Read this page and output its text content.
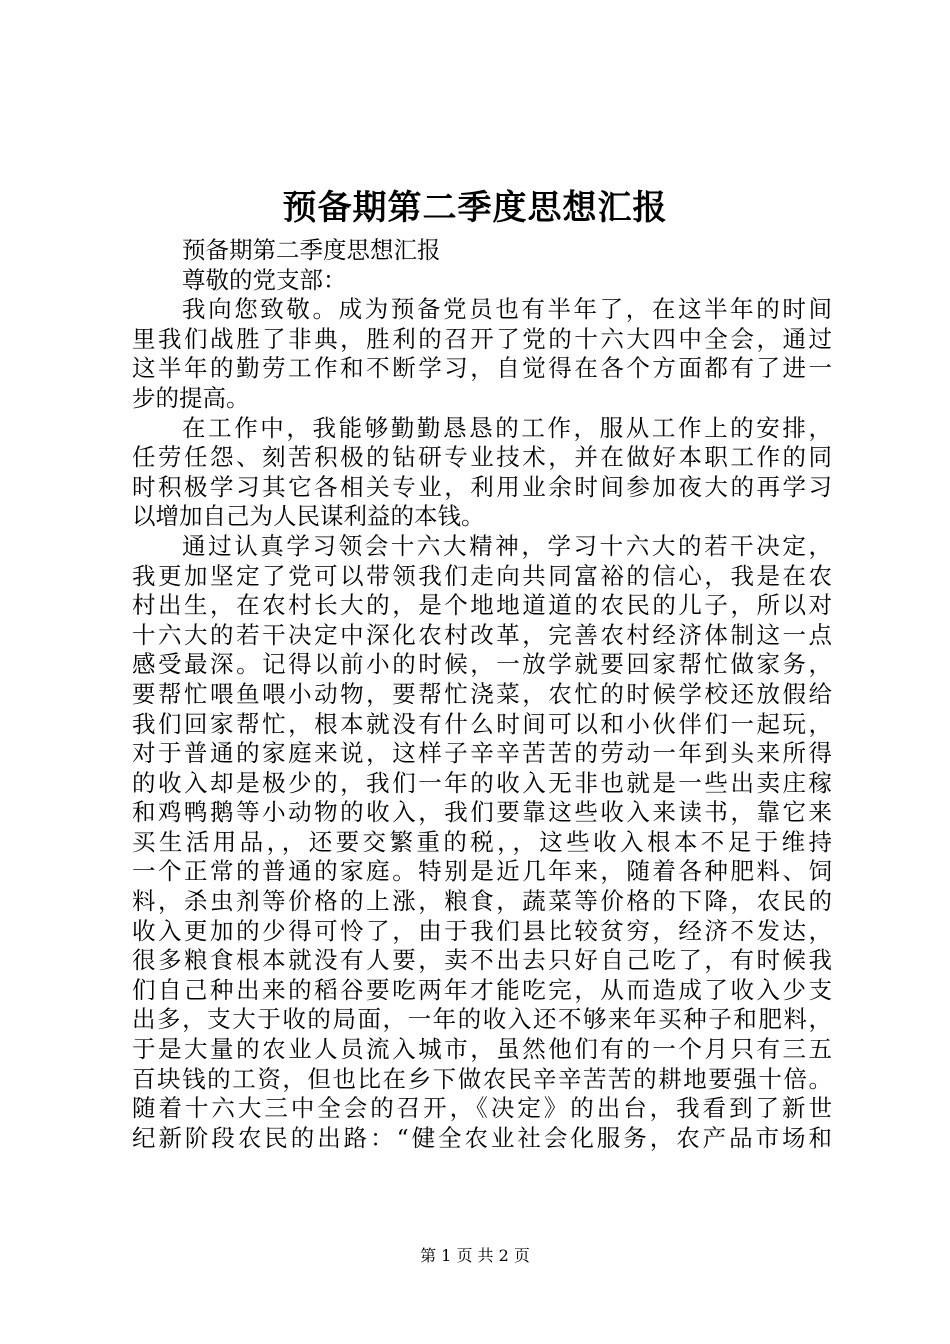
预备期第二季度思想汇报
预备期第二季度思想汇报
尊敬的党支部：
我向您致敬。成为预备党员也有半年了，在这半年的时间
里我们战胜了非典，胜利的召开了党的十六大四中全会，通过
这半年的勤劳工作和不断学习，自觉得在各个方面都有了进一
步的提高。
在工作中，我能够勤勤恳恳的工作，服从工作上的安排，
任劳任怨、刻苦积极的钻研专业技术，并在做好本职工作的同
时积极学习其它各相关专业，利用业余时间参加夜大的再学习
以增加自己为人民谋利益的本钱。
通过认真学习领会十六大精神，学习十六大的若干决定，
我更加坚定了党可以带领我们走向共同富裕的信心，我是在农
村出生，在农村长大的，是个地地道道的农民的儿子，所以对
十六大的若干决定中深化农村改革，完善农村经济体制这一点
感受最深。记得以前小的时候，一放学就要回家帮忙做家务，
要帮忙喂鱼喂小动物，要帮忙浇菜，农忙的时候学校还放假给
我们回家帮忙，根本就没有什么时间可以和小伙伴们一起玩，
对于普通的家庭来说，这样子辛辛苦苦的劳动一年到头来所得
的收入却是极少的，我们一年的收入无非也就是一些出卖庄稼
和鸡鸭鹅等小动物的收入，我们要靠这些收入来读书，靠它来
买生活用品，，还要交繁重的税，，这些收入根本不足于维持
一个正常的普通的家庭。特别是近几年来，随着各种肥料、饲
料，杀虫剂等价格的上涨，粮食，蔬菜等价格的下降，农民的
收入更加的少得可怜了，由于我们县比较贫穷，经济不发达，
很多粮食根本就没有人要，卖不出去只好自己吃了，有时候我
们自己种出来的稻谷要吃两年才能吃完，从而造成了收入少支
出多，支大于收的局面，一年的收入还不够来年买种子和肥料，
于是大量的农业人员流入城市，虽然他们有的一个月只有三五
百块钱的工资，但也比在乡下做农民辛辛苦苦的耕地要强十倍。
随着十六大三中全会的召开，《决定》的出台，我看到了新世
纪新阶段农民的出路：“健全农业社会化服务，农产品市场和
第 1 页 共 2 页
